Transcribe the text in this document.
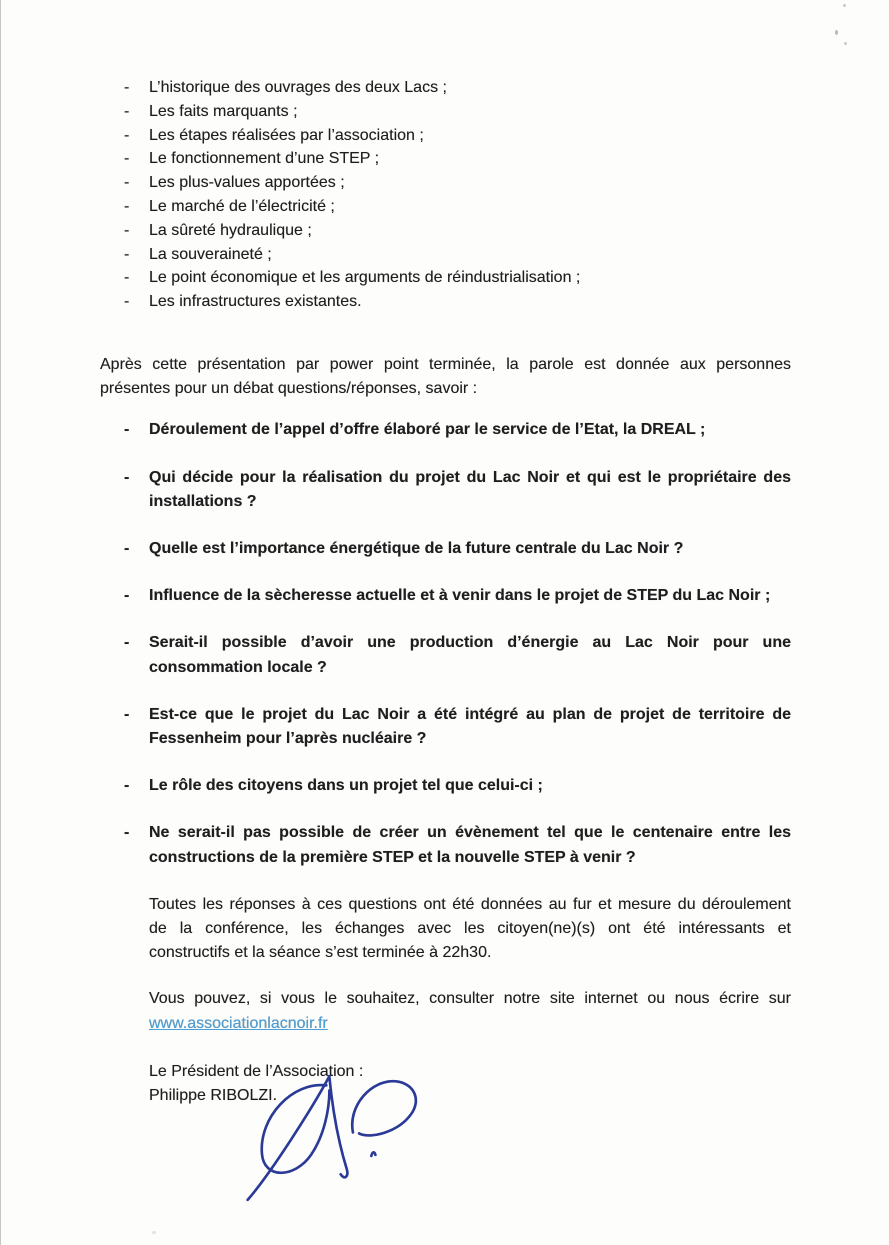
-	L’historique des ouvrages des deux Lacs ;
-	Les faits marquants ;
-	Les étapes réalisées par l’association ;
-	Le fonctionnement d’une STEP ;
-	Les plus-values apportées ;
-	Le marché de l’électricité ;
-	La sûreté hydraulique ;
-	La souveraineté ;
-	Le point économique et les arguments de réindustrialisation ;
-	Les infrastructures existantes.
Après cette présentation par power point terminée, la parole est donnée aux personnes
présentes pour un débat questions/réponses, savoir :
-	Déroulement de l’appel d’offre élaboré par le service de l’Etat, la DREAL ;
-	Qui décide pour la réalisation du projet du Lac Noir et qui est le propriétaire des
installations ?
-	Quelle est l’importance énergétique de la future centrale du Lac Noir ?
-	Influence de la sècheresse actuelle et à venir dans le projet de STEP du Lac Noir ;
-	Serait-il possible d’avoir une production d’énergie au Lac Noir pour une
consommation locale ?
-	Est-ce que le projet du Lac Noir a été intégré au plan de projet de territoire de
Fessenheim pour l’après nucléaire ?
-	Le rôle des citoyens dans un projet tel que celui-ci ;
-	Ne serait-il pas possible de créer un évènement tel que le centenaire entre les
constructions de la première STEP et la nouvelle STEP à venir ?
Toutes les réponses à ces questions ont été données au fur et mesure du déroulement
de la conférence, les échanges avec les citoyen(ne)(s) ont été intéressants et
constructifs et la séance s’est terminée à 22h30.
Vous pouvez, si vous le souhaitez, consulter notre site internet ou nous écrire sur
www.associationlacnoir.fr
Le Président de l’Association :
Philippe RIBOLZI.
